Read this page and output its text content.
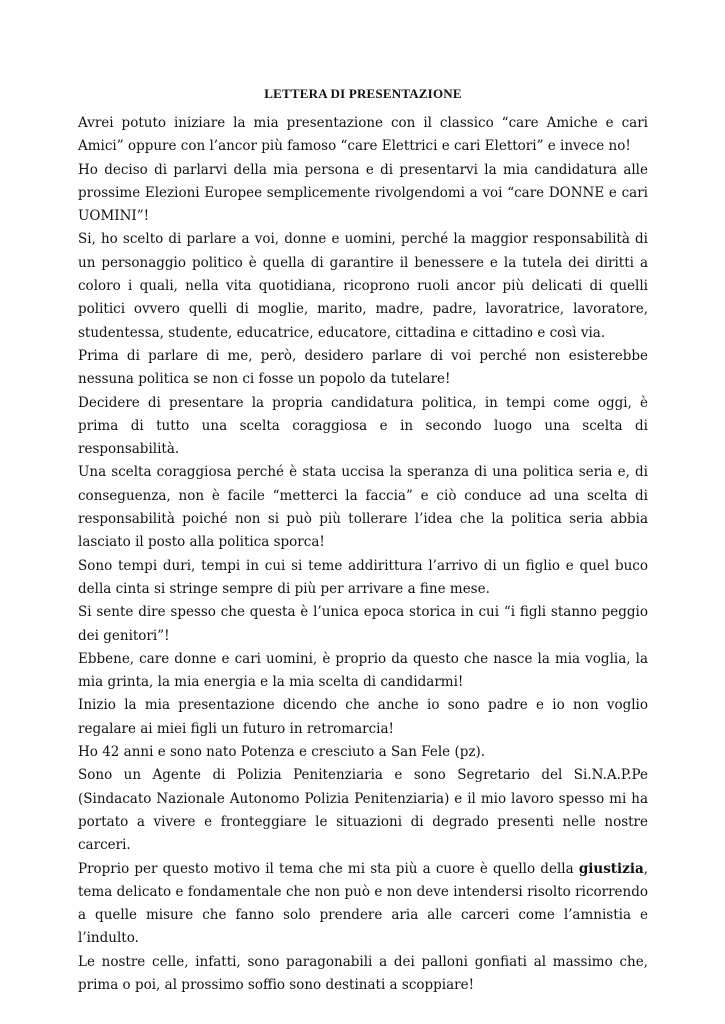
LETTERA DI PRESENTAZIONE

Avrei potuto iniziare la mia presentazione con il classico “care Amiche e cari Amici” oppure con l’ancor più famoso “care Elettrici e cari Elettori” e invece no!

Ho deciso di parlarvi della mia persona e di presentarvi la mia candidatura alle prossime Elezioni Europee semplicemente rivolgendomi a voi “care DONNE e cari UOMINI”!

Si, ho scelto di parlare a voi, donne e uomini, perché la maggior responsabilità di un personaggio politico è quella di garantire il benessere e la tutela dei diritti a coloro i quali, nella vita quotidiana, ricoprono ruoli ancor più delicati di quelli politici ovvero quelli di moglie, marito, madre, padre, lavoratrice, lavoratore, studentessa, studente, educatrice, educatore, cittadina e cittadino e così via.

Prima di parlare di me, però, desidero parlare di voi perché non esisterebbe nessuna politica se non ci fosse un popolo da tutelare!

Decidere di presentare la propria candidatura politica, in tempi come oggi, è prima di tutto una scelta coraggiosa e in secondo luogo una scelta di responsabilità.

Una scelta coraggiosa perché è stata uccisa la speranza di una politica seria e, di conseguenza, non è facile “metterci la faccia” e ciò conduce ad una scelta di responsabilità poiché non si può più tollerare l’idea che la politica seria abbia lasciato il posto alla politica sporca!

Sono tempi duri, tempi in cui si teme addirittura l’arrivo di un figlio e quel buco della cinta si stringe sempre di più per arrivare a fine mese.

Si sente dire spesso che questa è l’unica epoca storica in cui “i figli stanno peggio dei genitori”!

Ebbene, care donne e cari uomini, è proprio da questo che nasce la mia voglia, la mia grinta, la mia energia e la mia scelta di candidarmi!

Inizio la mia presentazione dicendo che anche io sono padre e io non voglio regalare ai miei figli un futuro in retromarcia!

Ho 42 anni e sono nato Potenza e cresciuto a San Fele (pz).

Sono un Agente di Polizia Penitenziaria e sono Segretario del Si.N.A.P.Pe (Sindacato Nazionale Autonomo Polizia Penitenziaria) e il mio lavoro spesso mi ha portato a vivere e fronteggiare le situazioni di degrado presenti nelle nostre carceri.

Proprio per questo motivo il tema che mi sta più a cuore è quello della giustizia, tema delicato e fondamentale che non può e non deve intendersi risolto ricorrendo a quelle misure che fanno solo prendere aria alle carceri come l’amnistia e l’indulto.

Le nostre celle, infatti, sono paragonabili a dei palloni gonfiati al massimo che, prima o poi, al prossimo soffio sono destinati a scoppiare!
